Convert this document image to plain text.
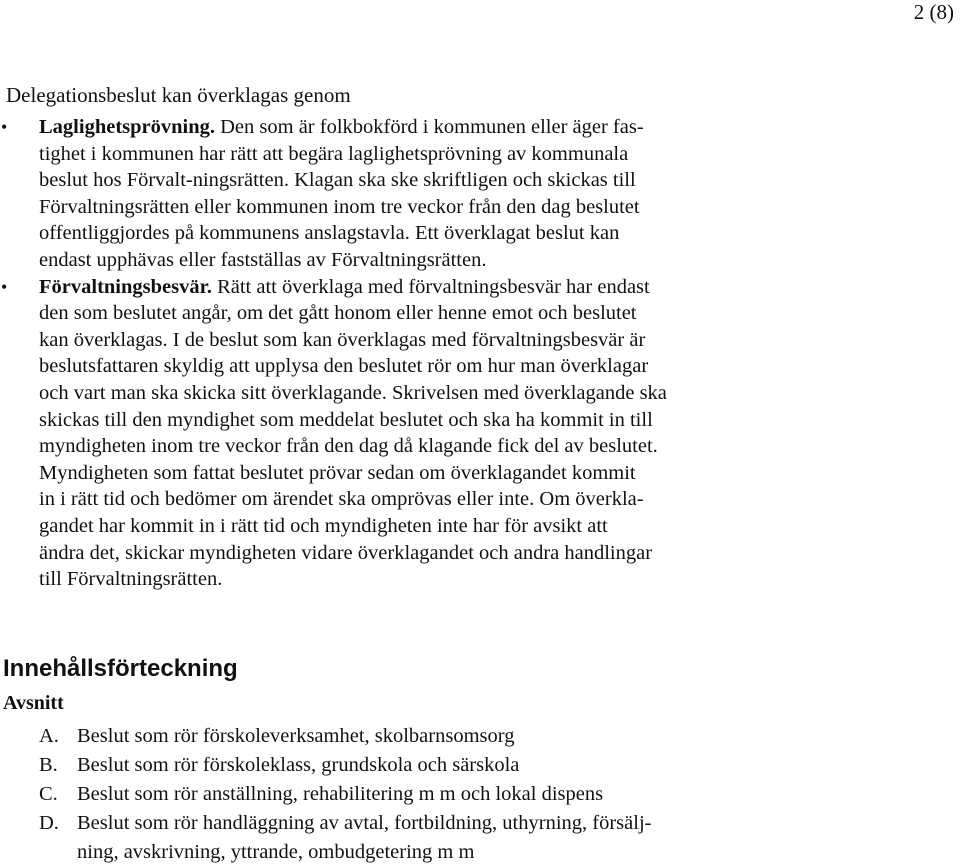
2 (8)
Delegationsbeslut kan överklagas genom
• Laglighetsprövning. Den som är folkbokförd i kommunen eller äger fas-
tighet i kommunen har rätt att begära laglighetsprövning av kommunala
beslut hos Förvalt-ningsrätten. Klagan ska ske skriftligen och skickas till
Förvaltningsrätten eller kommunen inom tre veckor från den dag beslutet
offentliggjordes på kommunens anslagstavla. Ett överklagat beslut kan
endast upphävas eller fastställas av Förvaltningsrätten.
• Förvaltningsbesvär. Rätt att överklaga med förvaltningsbesvär har endast
den som beslutet angår, om det gått honom eller henne emot och beslutet
kan överklagas. I de beslut som kan överklagas med förvaltningsbesvär är
beslutsfattaren skyldig att upplysa den beslutet rör om hur man överklagar
och vart man ska skicka sitt överklagande. Skrivelsen med överklagande ska
skickas till den myndighet som meddelat beslutet och ska ha kommit in till
myndigheten inom tre veckor från den dag då klagande fick del av beslutet.
Myndigheten som fattat beslutet prövar sedan om överklagandet kommit
in i rätt tid och bedömer om ärendet ska omprövas eller inte. Om överkla-
gandet har kommit in i rätt tid och myndigheten inte har för avsikt att
ändra det, skickar myndigheten vidare överklagandet och andra handlingar
till Förvaltningsrätten.
Innehållsförteckning
Avsnitt
A. Beslut som rör förskoleverksamhet, skolbarnsomsorg
B. Beslut som rör förskoleklass, grundskola och särskola
C. Beslut som rör anställning, rehabilitering m m och lokal dispens
D. Beslut som rör handläggning av avtal, fortbildning, uthyrning, försälj-
ning, avskrivning, yttrande, ombudgetering m m
